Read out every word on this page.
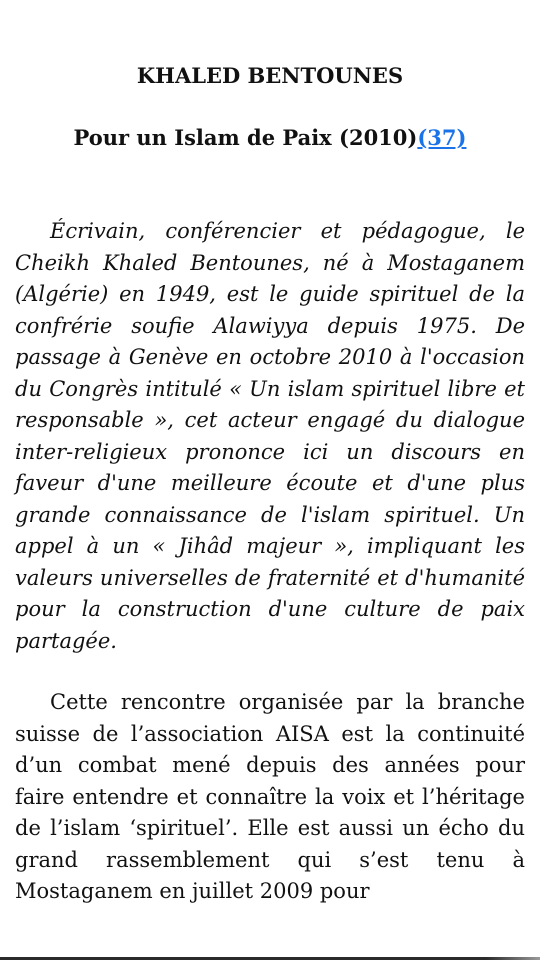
KHALED BENTOUNES
Pour un Islam de Paix (2010)(37)

Écrivain, conférencier et pédagogue, le Cheikh Khaled Bentounes, né à Mostaganem (Algérie) en 1949, est le guide spirituel de la confrérie soufie Alawiyya depuis 1975. De passage à Genève en octobre 2010 à l'occasion du Congrès intitulé « Un islam spirituel libre et responsable », cet acteur engagé du dialogue inter-religieux prononce ici un discours en faveur d'une meilleure écoute et d'une plus grande connaissance de l'islam spirituel. Un appel à un « Jihâd majeur », impliquant les valeurs universelles de fraternité et d'humanité pour la construction d'une culture de paix partagée.

Cette rencontre organisée par la branche suisse de l’association AISA est la continuité d’un combat mené depuis des années pour faire entendre et connaître la voix et l’héritage de l’islam ‘spirituel’. Elle est aussi un écho du grand rassemblement qui s’est tenu à Mostaganem en juillet 2009 pour
